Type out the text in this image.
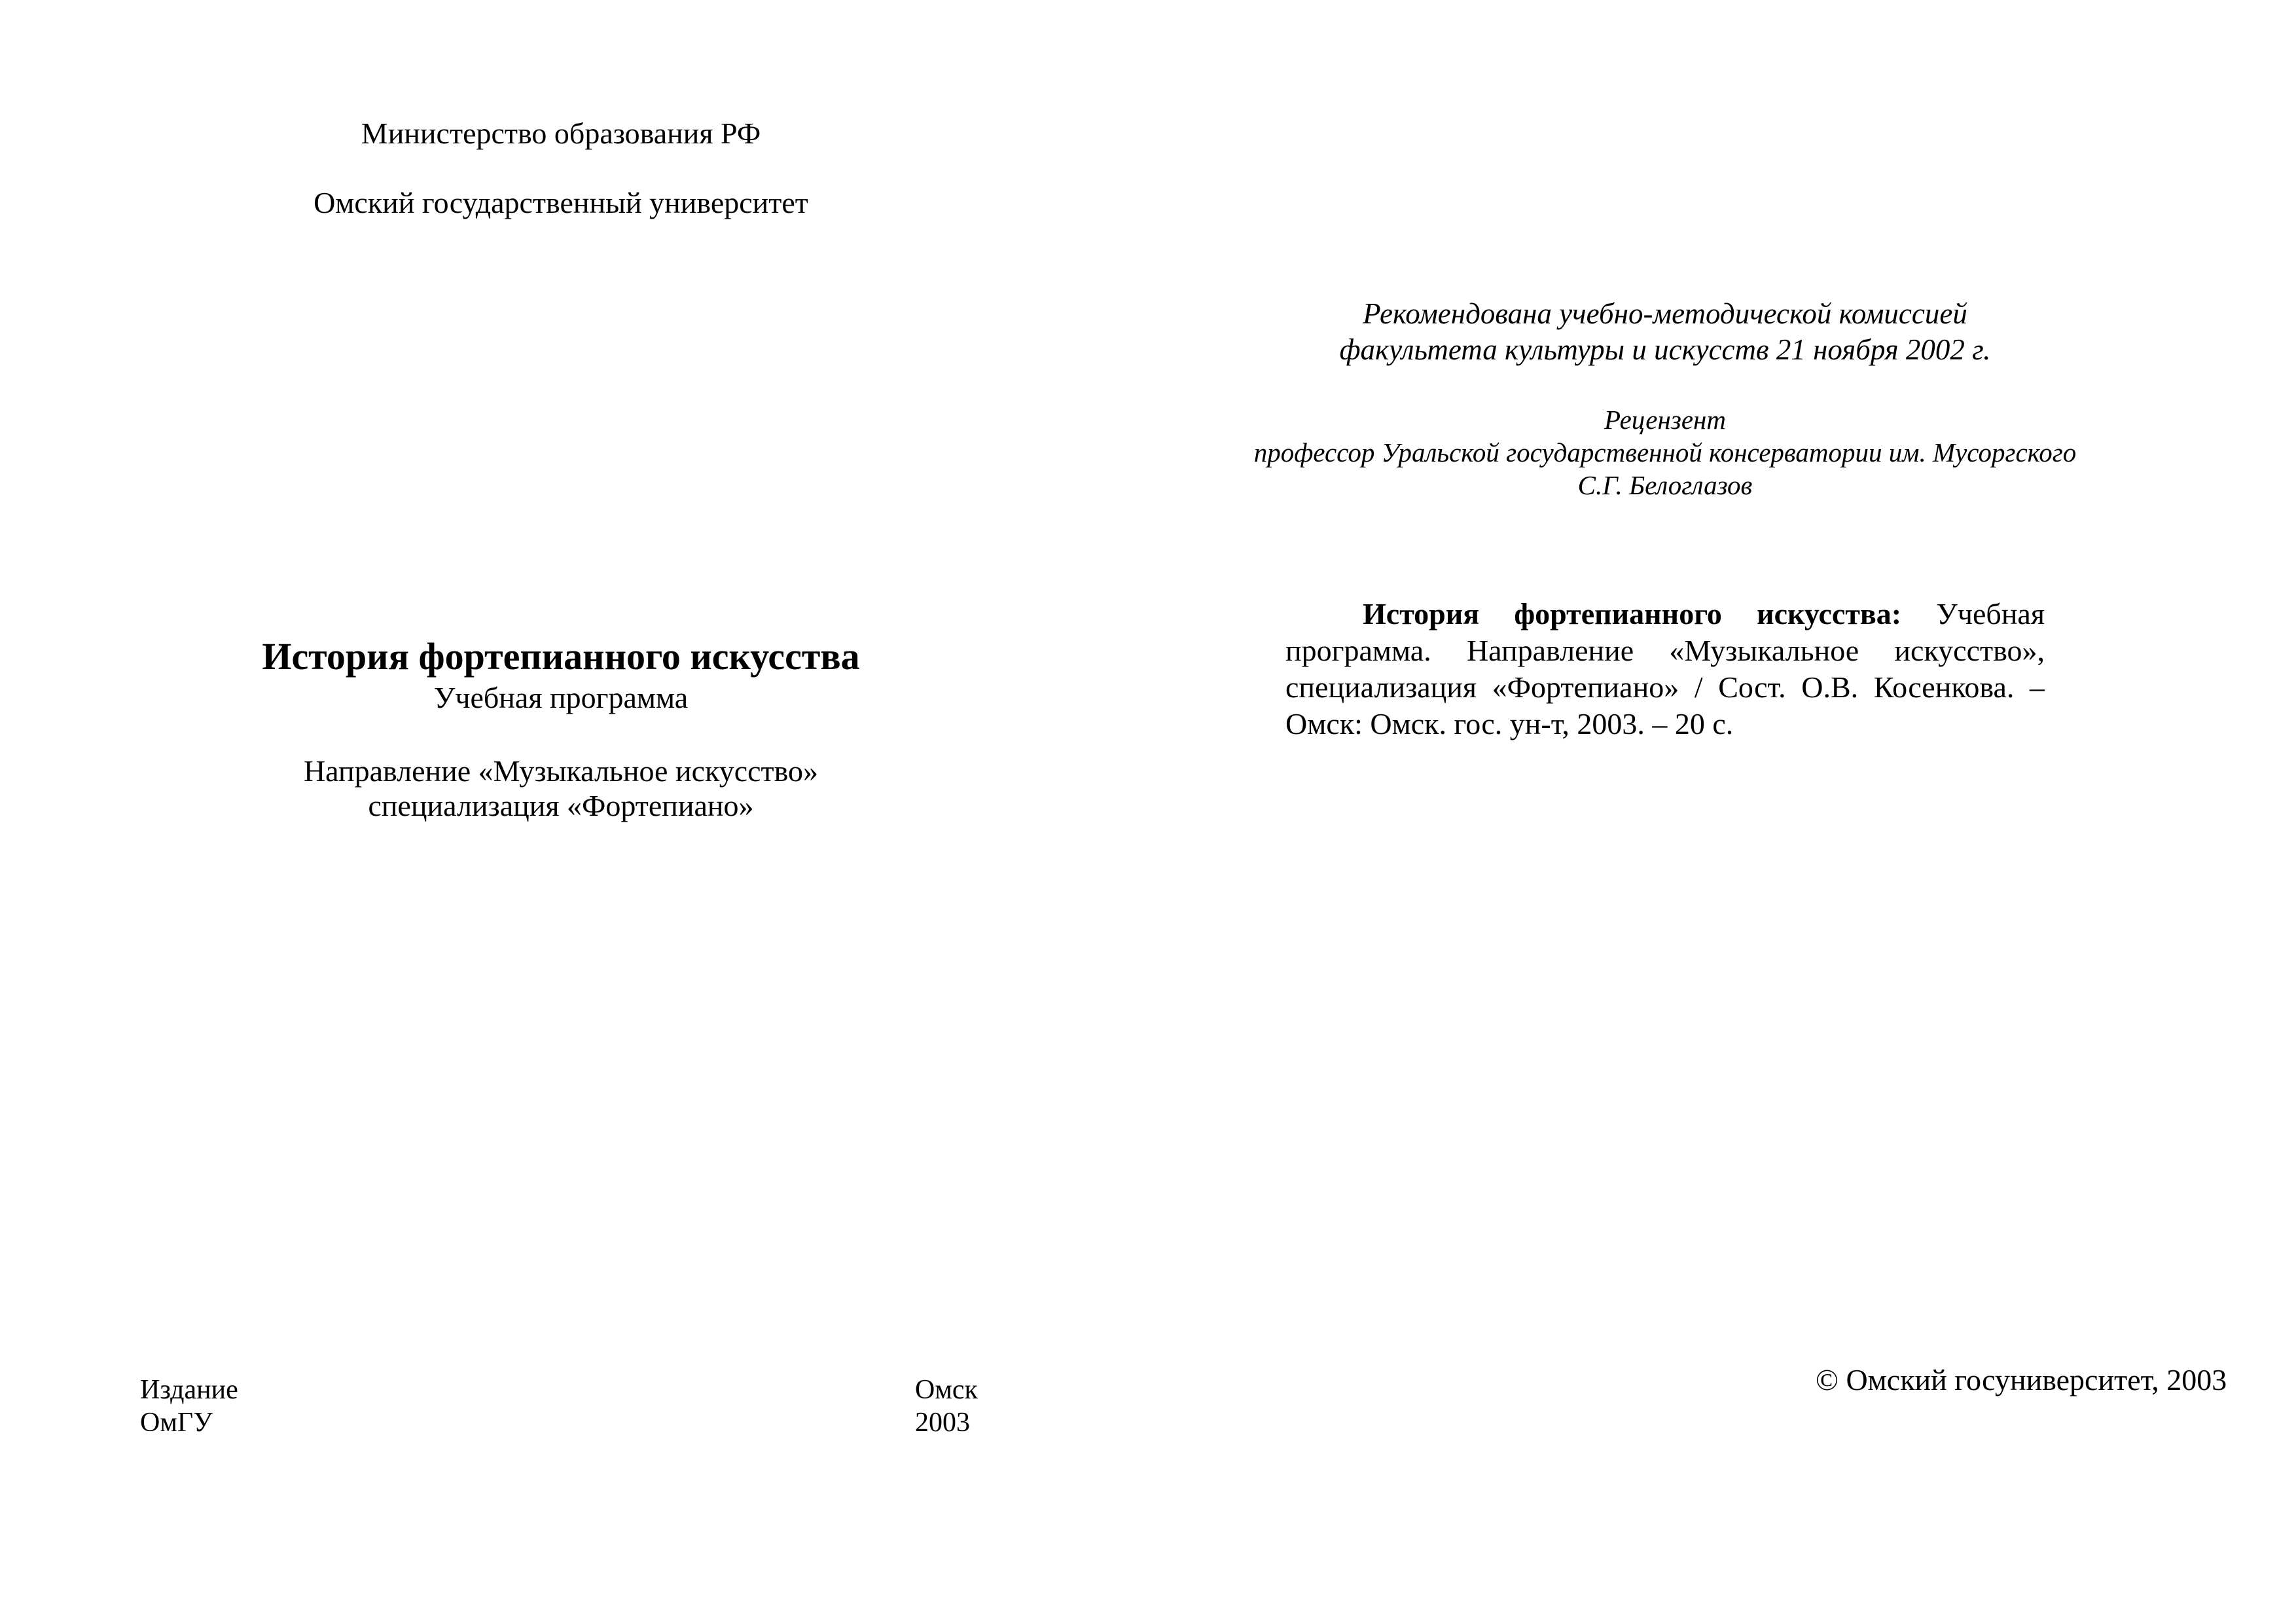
Министерство образования РФ
Омский государственный университет
История фортепианного искусства
Учебная программа
Направление «Музыкальное искусство»
специализация «Фортепиано»
Издание
ОмГУ
Омск
2003
Рекомендована учебно-методической комиссией
факультета культуры и искусств 21 ноября 2002 г.
Рецензент
профессор Уральской государственной консерватории им. Мусоргского
С.Г. Белоглазов
История фортепианного искусства: Учебная программа. Направление «Музыкальное искусство», специализация «Фортепиано» / Сост. О.В. Косенкова. – Омск: Омск. гос. ун-т, 2003. – 20 с.
© Омский госуниверситет, 2003
